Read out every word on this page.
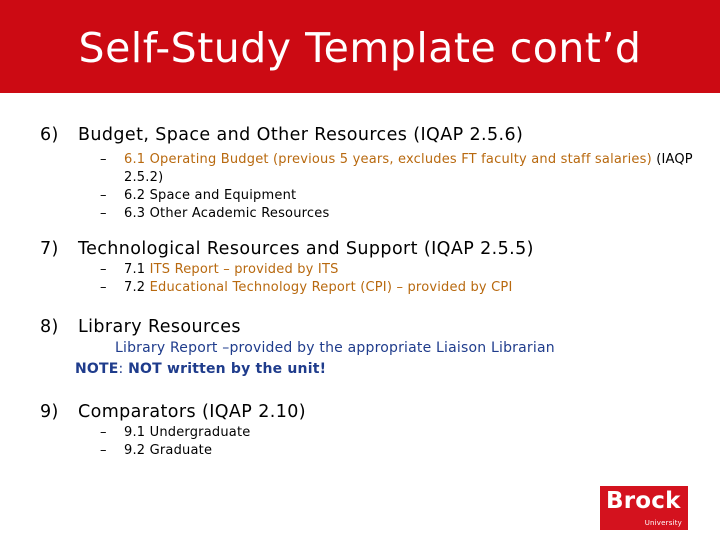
Self-Study Template cont’d
6)	Budget, Space and Other Resources (IQAP 2.5.6)
–	6.1 Operating Budget (previous 5 years, excludes FT faculty and staff salaries) (IAQP 2.5.2)
–	6.2 Space and Equipment
–	6.3 Other Academic Resources
7)	Technological Resources and Support (IQAP 2.5.5)
–	7.1 ITS Report – provided by ITS
–	7.2 Educational Technology Report (CPI) – provided by CPI
8)	Library Resources
Library Report –provided by the appropriate Liaison Librarian
NOTE: NOT written by the unit!
9)	Comparators (IQAP 2.10)
–	9.1 Undergraduate
–	9.2 Graduate
Brock
University
